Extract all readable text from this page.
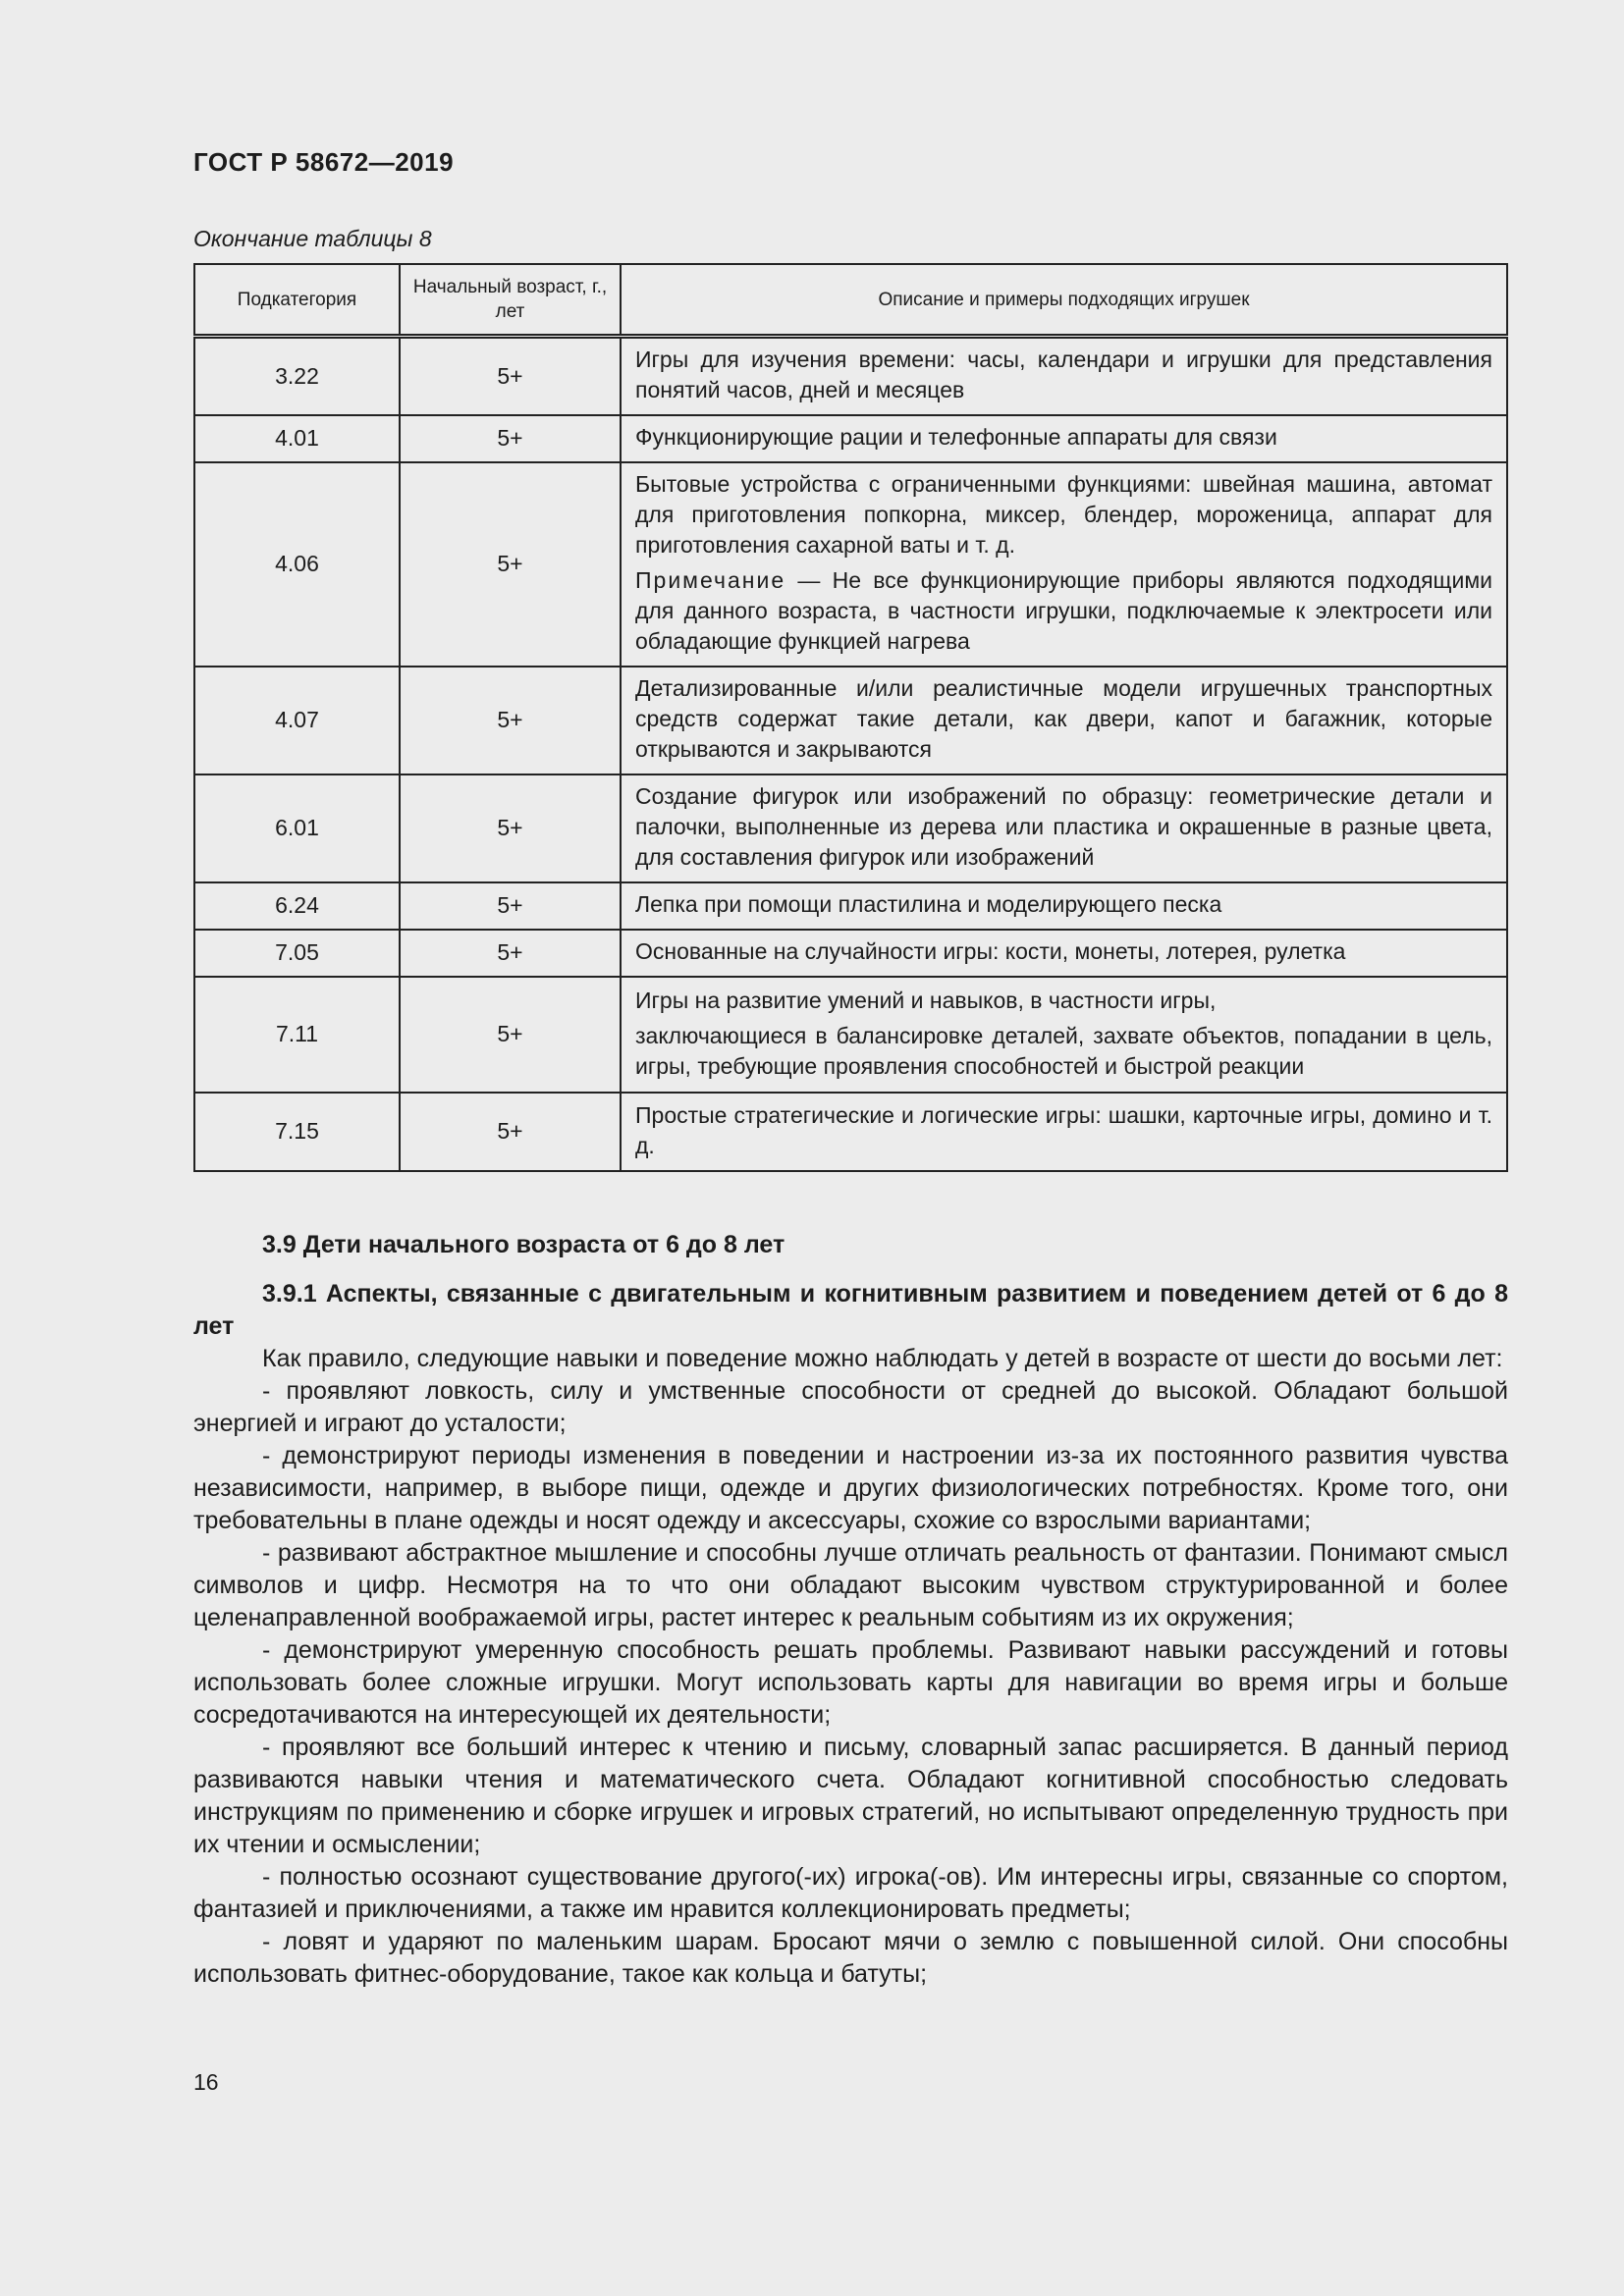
ГОСТ Р 58672—2019
Окончание таблицы 8
Подкатегория	Начальный возраст, г., лет	Описание и примеры подходящих игрушек
3.22	5+	Игры для изучения времени: часы, календари и игрушки для представления понятий часов, дней и месяцев

4.01	5+	Функционирующие рации и телефонные аппараты для связи

4.06	5+	Бытовые устройства с ограниченными функциями: швейная машина, автомат для приготовления попкорна, миксер, блендер, мороженица, аппарат для приготовления сахарной ваты и т. д.

Примечание — Не все функционирующие приборы являются подходящими для данного возраста, в частности игрушки, подключаемые к электросети или обладающие функцией нагрева

4.07	5+	Детализированные и/или реалистичные модели игрушечных транспортных средств содержат такие детали, как двери, капот и багажник, которые открываются и закрываются

6.01	5+	Создание фигурок или изображений по образцу: геометрические детали и палочки, выполненные из дерева или пластика и окрашенные в разные цвета, для составления фигурок или изображений

6.24	5+	Лепка при помощи пластилина и моделирующего песка

7.05	5+	Основанные на случайности игры: кости, монеты, лотерея, рулетка

7.11	5+	Игры на развитие умений и навыков, в частности игры,

заключающиеся в балансировке деталей, захвате объектов, попадании в цель, игры, требующие проявления способностей и быстрой реакции

7.15	5+	Простые стратегические и логические игры: шашки, карточные игры, домино и т. д.

3.9 Дети начального возраста от 6 до 8 лет
3.9.1 Аспекты, связанные с двигательным и когнитивным развитием и поведением детей от 6 до 8 лет

Как правило, следующие навыки и поведение можно наблюдать у детей в возрасте от шести до восьми лет:

- проявляют ловкость, силу и умственные способности от средней до высокой. Обладают большой энергией и играют до усталости;

- демонстрируют периоды изменения в поведении и настроении из-за их постоянного развития чувства независимости, например, в выборе пищи, одежде и других физиологических потребностях. Кроме того, они требовательны в плане одежды и носят одежду и аксессуары, схожие со взрослыми вариантами;

- развивают абстрактное мышление и способны лучше отличать реальность от фантазии. Понимают смысл символов и цифр. Несмотря на то что они обладают высоким чувством структурированной и более целенаправленной воображаемой игры, растет интерес к реальным событиям из их окружения;

- демонстрируют умеренную способность решать проблемы. Развивают навыки рассуждений и готовы использовать более сложные игрушки. Могут использовать карты для навигации во время игры и больше сосредотачиваются на интересующей их деятельности;

- проявляют все больший интерес к чтению и письму, словарный запас расширяется. В данный период развиваются навыки чтения и математического счета. Обладают когнитивной способностью следовать инструкциям по применению и сборке игрушек и игровых стратегий, но испытывают определенную трудность при их чтении и осмыслении;

- полностью осознают существование другого(-их) игрока(-ов). Им интересны игры, связанные со спортом, фантазией и приключениями, а также им нравится коллекционировать предметы;

- ловят и ударяют по маленьким шарам. Бросают мячи о землю с повышенной силой. Они способны использовать фитнес-оборудование, такое как кольца и батуты;

16
